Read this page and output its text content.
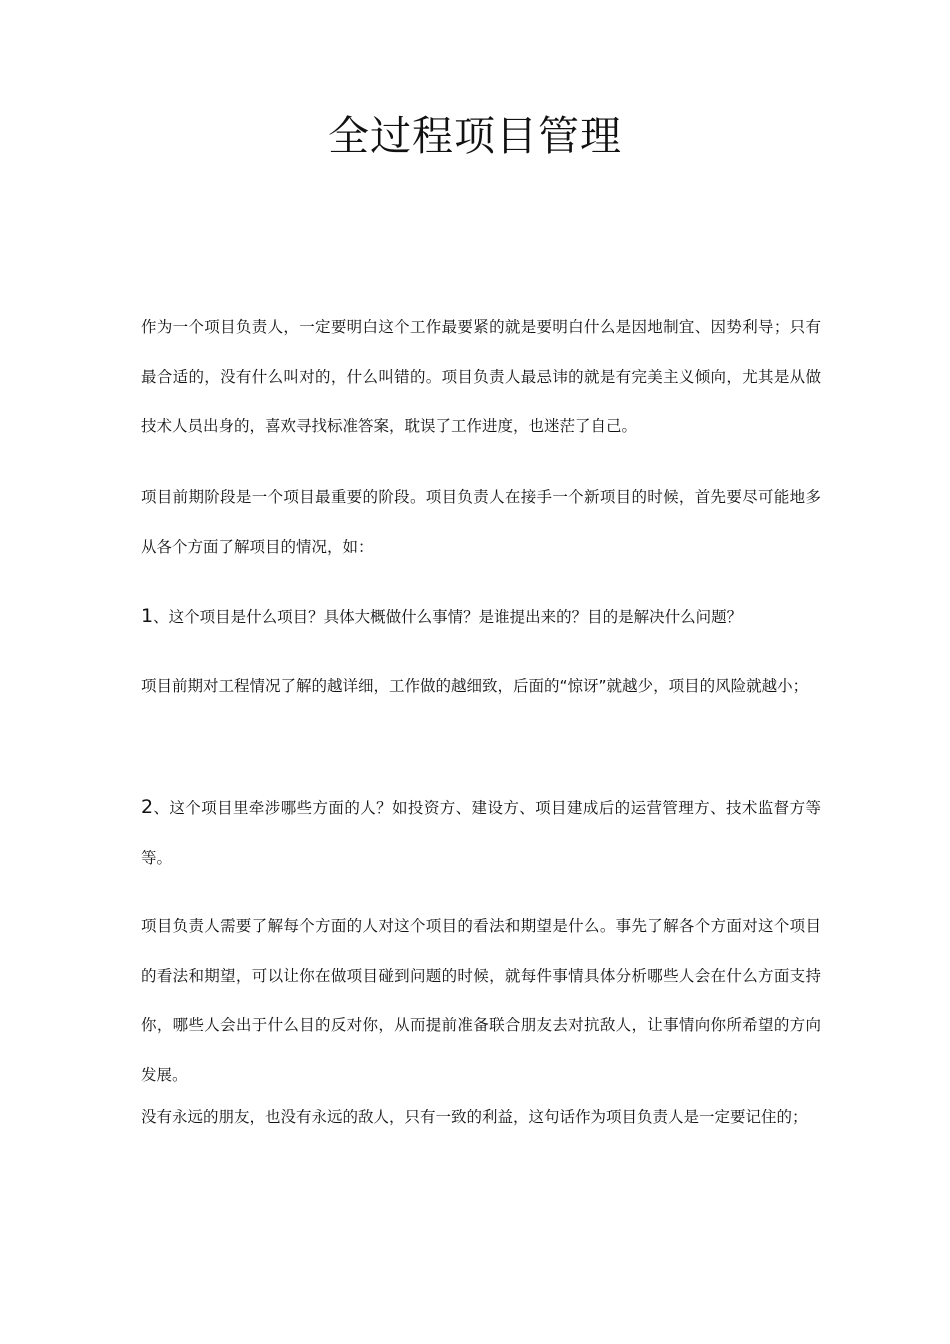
全过程项目管理

作为一个项目负责人，一定要明白这个工作最要紧的就是要明白什么是因地制宜、因势利导；只有最合适的，没有什么叫对的，什么叫错的。项目负责人最忌讳的就是有完美主义倾向，尤其是从做技术人员出身的，喜欢寻找标准答案，耽误了工作进度，也迷茫了自己。

项目前期阶段是一个项目最重要的阶段。项目负责人在接手一个新项目的时候，首先要尽可能地多从各个方面了解项目的情况，如：

1、这个项目是什么项目？具体大概做什么事情？是谁提出来的？目的是解决什么问题？

项目前期对工程情况了解的越详细，工作做的越细致，后面的“惊讶”就越少，项目的风险就越小；

2、这个项目里牵涉哪些方面的人？如投资方、建设方、项目建成后的运营管理方、技术监督方等等。

项目负责人需要了解每个方面的人对这个项目的看法和期望是什么。事先了解各个方面对这个项目的看法和期望，可以让你在做项目碰到问题的时候，就每件事情具体分析哪些人会在什么方面支持你，哪些人会出于什么目的反对你，从而提前准备联合朋友去对抗敌人，让事情向你所希望的方向发展。

没有永远的朋友，也没有永远的敌人，只有一致的利益，这句话作为项目负责人是一定要记住的；
